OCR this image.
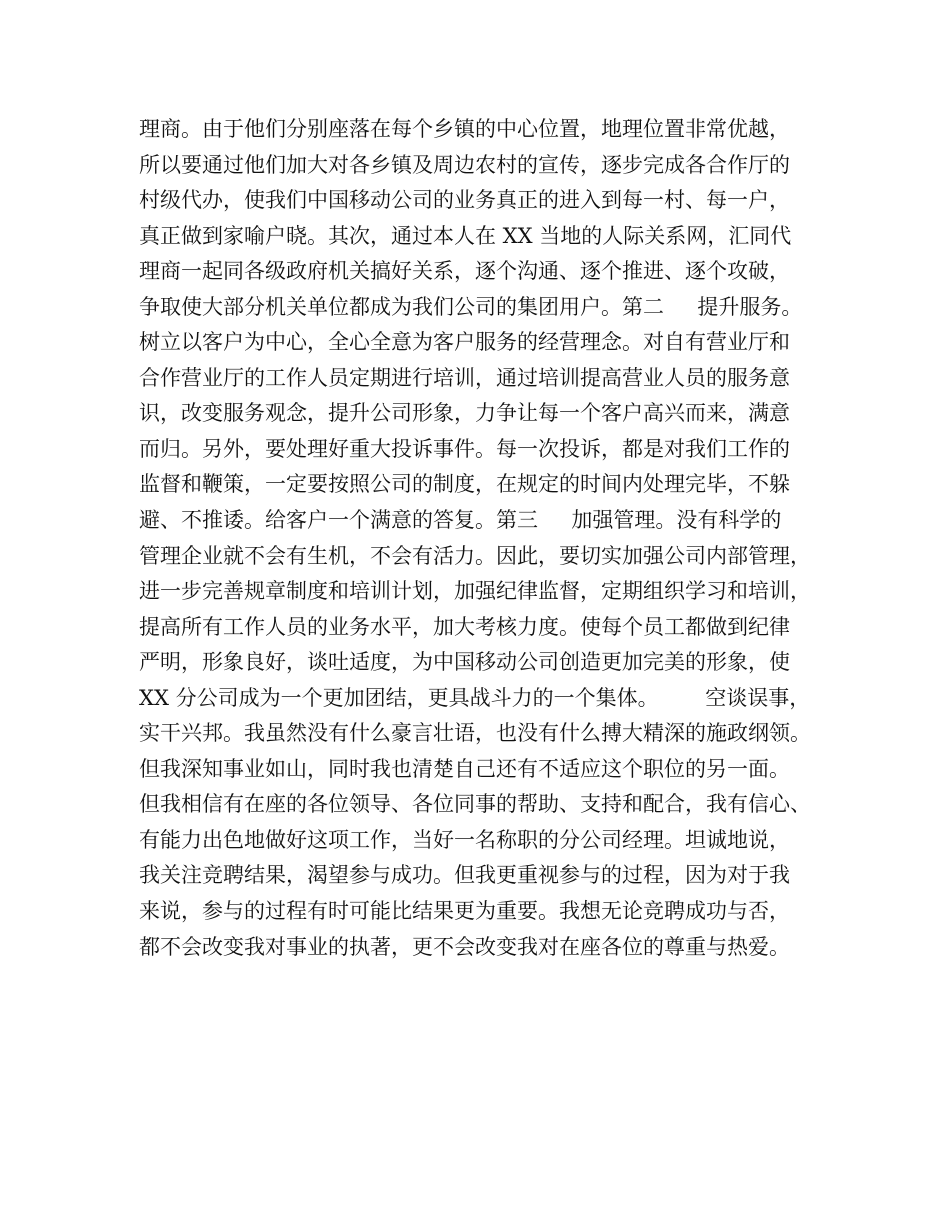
理商。由于他们分别座落在每个乡镇的中心位置，地理位置非常优越，
所以要通过他们加大对各乡镇及周边农村的宣传，逐步完成各合作厅的
村级代办，使我们中国移动公司的业务真正的进入到每一村、每一户，
真正做到家喻户晓。其次，通过本人在 XX 当地的人际关系网，汇同代
理商一起同各级政府机关搞好关系，逐个沟通、逐个推进、逐个攻破，
争取使大部分机关单位都成为我们公司的集团用户。第二     提升服务。
树立以客户为中心，全心全意为客户服务的经营理念。对自有营业厅和
合作营业厅的工作人员定期进行培训，通过培训提高营业人员的服务意
识，改变服务观念，提升公司形象，力争让每一个客户高兴而来，满意
而归。另外，要处理好重大投诉事件。每一次投诉，都是对我们工作的
监督和鞭策，一定要按照公司的制度，在规定的时间内处理完毕，不躲
避、不推诿。给客户一个满意的答复。第三     加强管理。没有科学的
管理企业就不会有生机，不会有活力。因此，要切实加强公司内部管理，
进一步完善规章制度和培训计划，加强纪律监督，定期组织学习和培训，
提高所有工作人员的业务水平，加大考核力度。使每个员工都做到纪律
严明，形象良好，谈吐适度，为中国移动公司创造更加完美的形象，使
XX 分公司成为一个更加团结，更具战斗力的一个集体。       空谈误事，
实干兴邦。我虽然没有什么豪言壮语，也没有什么搏大精深的施政纲领。
但我深知事业如山，同时我也清楚自己还有不适应这个职位的另一面。
但我相信有在座的各位领导、各位同事的帮助、支持和配合，我有信心、
有能力出色地做好这项工作，当好一名称职的分公司经理。坦诚地说，
我关注竞聘结果，渴望参与成功。但我更重视参与的过程，因为对于我
来说，参与的过程有时可能比结果更为重要。我想无论竞聘成功与否，
都不会改变我对事业的执著，更不会改变我对在座各位的尊重与热爱。
